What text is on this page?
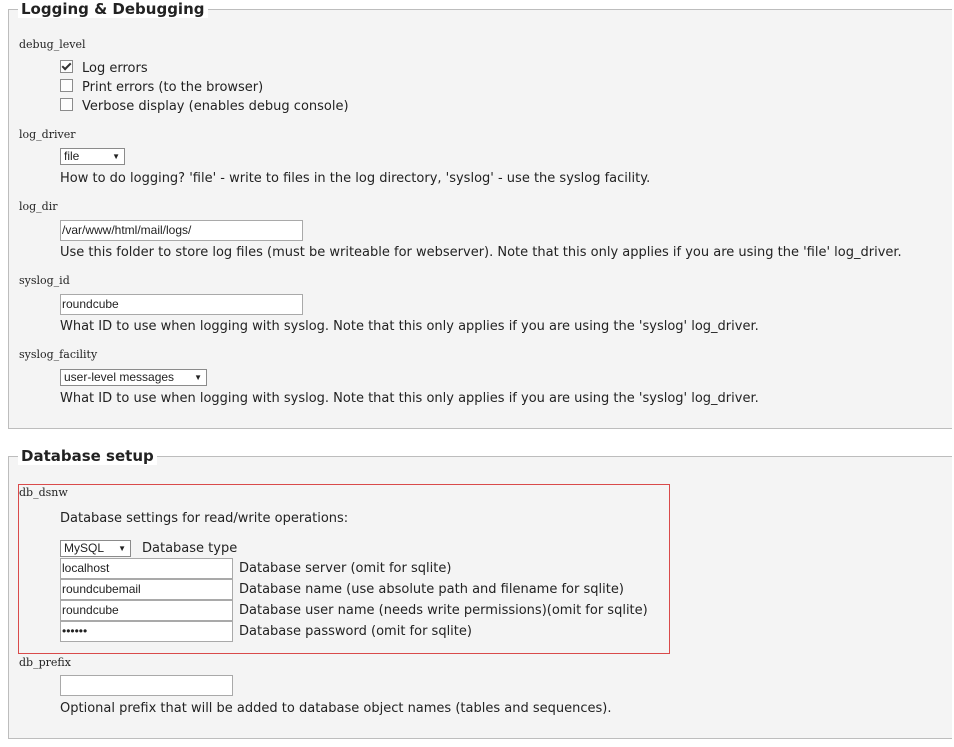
Logging & Debugging
debug_level
Log errors
Print errors (to the browser)
Verbose display (enables debug console)
log_driver
file ▼
How to do logging? 'file' - write to files in the log directory, 'syslog' - use the syslog facility.
log_dir
/var/www/html/mail/logs/
Use this folder to store log files (must be writeable for webserver). Note that this only applies if you are using the 'file' log_driver.
syslog_id
roundcube
What ID to use when logging with syslog. Note that this only applies if you are using the 'syslog' log_driver.
syslog_facility
user-level messages ▼
What ID to use when logging with syslog. Note that this only applies if you are using the 'syslog' log_driver.
Database setup
db_dsnw
Database settings for read/write operations:
MySQL ▼	Database type
localhost	Database server (omit for sqlite)
roundcubemail	Database name (use absolute path and filename for sqlite)
roundcube	Database user name (needs write permissions)(omit for sqlite)
••••••	Database password (omit for sqlite)
db_prefix
Optional prefix that will be added to database object names (tables and sequences).
